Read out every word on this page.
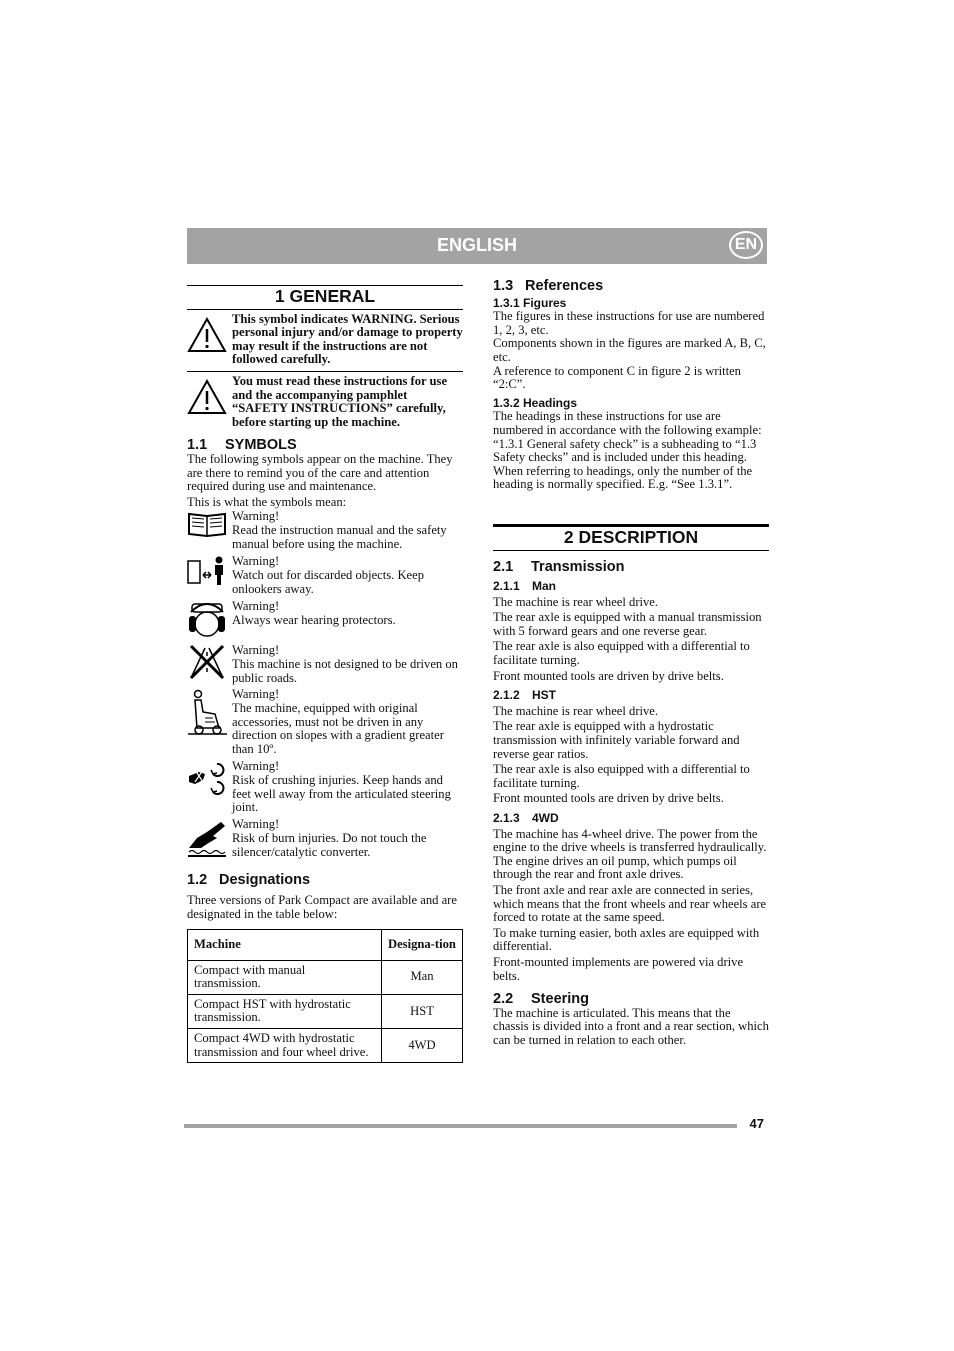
ENGLISH	EN
1 GENERAL
This symbol indicates WARNING. Serious personal injury and/or damage to property may result if the instructions are not followed carefully.
You must read these instructions for use and the accompanying pamphlet “SAFETY INSTRUCTIONS” carefully, before starting up the machine.
1.1 SYMBOLS

The following symbols appear on the machine. They are there to remind you of the care and attention required during use and maintenance.

This is what the symbols mean:

Warning!
Read the instruction manual and the safety manual before using the machine.
Warning!
Watch out for discarded objects. Keep onlookers away.
Warning!
Always wear hearing protectors.
Warning!
This machine is not designed to be driven on public roads.
Warning!
The machine, equipped with original accessories, must not be driven in any direction on slopes with a gradient greater than 10º.
Warning!
Risk of crushing injuries. Keep hands and feet well away from the articulated steering joint.
Warning!
Risk of burn injuries. Do not touch the silencer/catalytic converter.
1.2 Designations

Three versions of Park Compact are available and are designated in the table below:

Machine	Designa-tion
Compact with manual transmission.	Man
Compact HST with hydrostatic transmission.	HST
Compact 4WD with hydrostatic transmission and four wheel drive.	4WD
1.3 References
1.3.1 Figures

The figures in these instructions for use are numbered 1, 2, 3, etc.

Components shown in the figures are marked A, B, C, etc.

A reference to component C in figure 2 is written “2:C”.

1.3.2 Headings

The headings in these instructions for use are numbered in accordance with the following example:

“1.3.1 General safety check” is a subheading to “1.3 Safety checks” and is included under this heading.

When referring to headings, only the number of the heading is normally specified. E.g. “See 1.3.1”.

2 DESCRIPTION
2.1 Transmission
2.1.1 Man

The machine is rear wheel drive.

The rear axle is equipped with a manual transmission with 5 forward gears and one reverse gear.

The rear axle is also equipped with a differential to facilitate turning.

Front mounted tools are driven by drive belts.

2.1.2 HST

The machine is rear wheel drive.

The rear axle is equipped with a hydrostatic transmission with infinitely variable forward and reverse gear ratios.

The rear axle is also equipped with a differential to facilitate turning.

Front mounted tools are driven by drive belts.

2.1.3 4WD

The machine has 4-wheel drive. The power from the engine to the drive wheels is transferred hydraulically. The engine drives an oil pump, which pumps oil through the rear and front axle drives.

The front axle and rear axle are connected in series, which means that the front wheels and rear wheels are forced to rotate at the same speed.

To make turning easier, both axles are equipped with differential.

Front-mounted implements are powered via drive belts.

2.2 Steering

The machine is articulated. This means that the chassis is divided into a front and a rear section, which can be turned in relation to each other.

47
